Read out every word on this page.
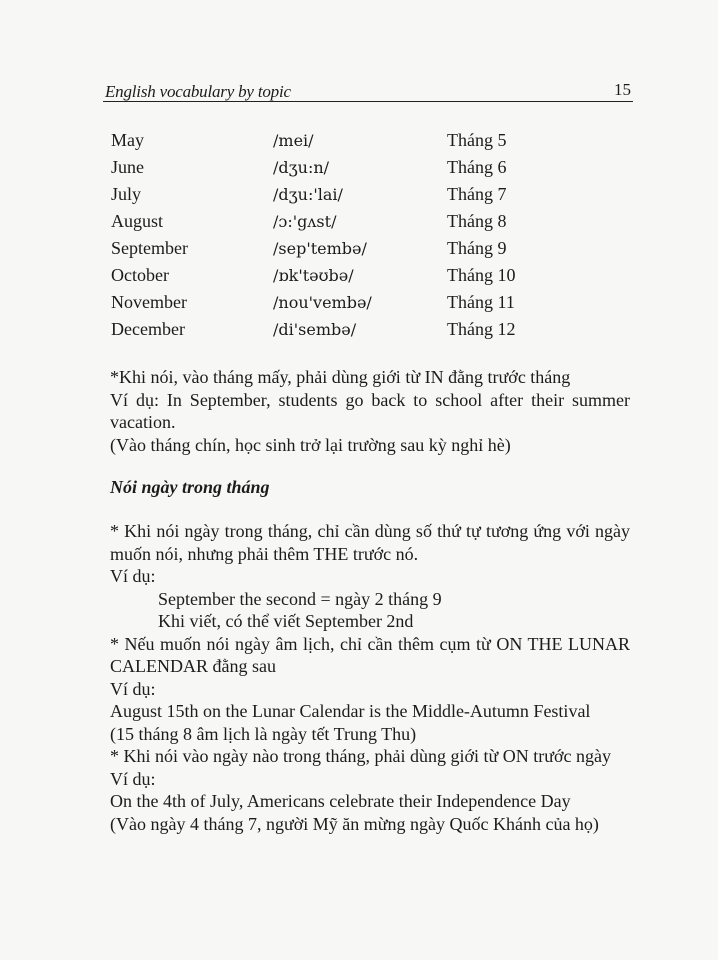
English vocabulary by topic	15
May	/mei/	Tháng 5
June	/dʒu:n/	Tháng 6
July	/dʒu:'lai/	Tháng 7
August	/ɔ:'gʌst/	Tháng 8
September	/sep'tembə/	Tháng 9
October	/ɒk'təʊbə/	Tháng 10
November	/nou'vembə/	Tháng 11
December	/di'sembə/	Tháng 12

*Khi nói, vào tháng mấy, phải dùng giới từ IN đằng trước tháng

Ví dụ: In September, students go back to school after their summer vacation.

(Vào tháng chín, học sinh trở lại trường sau kỳ nghỉ hè)

Nói ngày trong tháng

* Khi nói ngày trong tháng, chỉ cần dùng số thứ tự tương ứng với ngày muốn nói, nhưng phải thêm THE trước nó.

Ví dụ:

September the second = ngày 2 tháng 9

Khi viết, có thể viết September 2nd

* Nếu muốn nói ngày âm lịch, chỉ cần thêm cụm từ ON THE LUNAR CALENDAR đằng sau

Ví dụ:

August 15th on the Lunar Calendar is the Middle-Autumn Festival

(15 tháng 8 âm lịch là ngày tết Trung Thu)

* Khi nói vào ngày nào trong tháng, phải dùng giới từ ON trước ngày

Ví dụ:

On the 4th of July, Americans celebrate their Independence Day

(Vào ngày 4 tháng 7, người Mỹ ăn mừng ngày Quốc Khánh của họ)
